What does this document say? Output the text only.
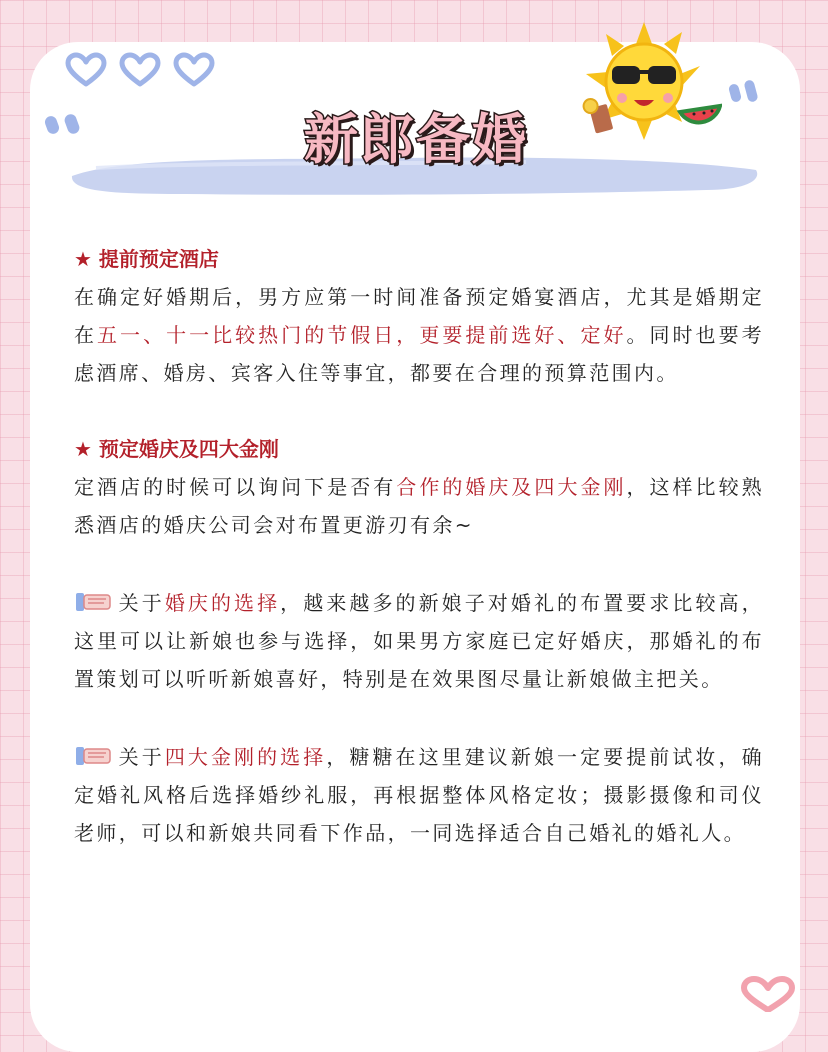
新郎备婚
★ 提前预定酒店
在确定好婚期后，男方应第一时间准备预定婚宴酒店，尤其是婚期定在五一、十一比较热门的节假日，更要提前选好、定好。同时也要考虑酒席、婚房、宾客入住等事宜，都要在合理的预算范围内。
★ 预定婚庆及四大金刚
定酒店的时候可以询问下是否有合作的婚庆及四大金刚，这样比较熟悉酒店的婚庆公司会对布置更游刃有余~
关于婚庆的选择，越来越多的新娘子对婚礼的布置要求比较高，这里可以让新娘也参与选择，如果男方家庭已定好婚庆，那婚礼的布置策划可以听听新娘喜好，特别是在效果图尽量让新娘做主把关。
关于四大金刚的选择，糖糖在这里建议新娘一定要提前试妆，确定婚礼风格后选择婚纱礼服，再根据整体风格定妆；摄影摄像和司仪老师，可以和新娘共同看下作品，一同选择适合自己婚礼的婚礼人。
